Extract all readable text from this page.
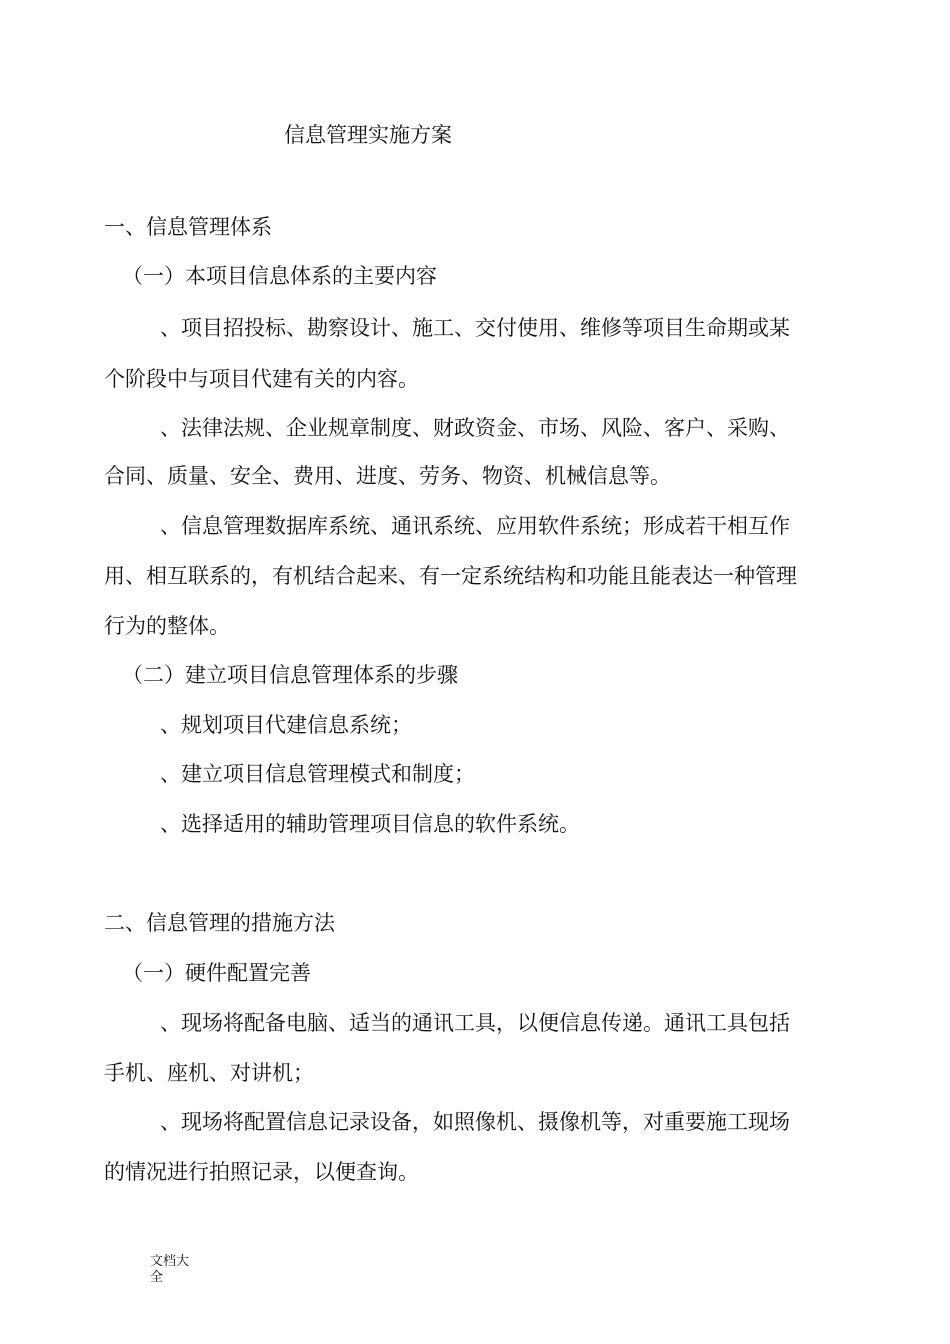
信息管理实施方案
一、信息管理体系
（一）本项目信息体系的主要内容
、项目招投标、勘察设计、施工、交付使用、维修等项目生命期或某
个阶段中与项目代建有关的内容。
、法律法规、企业规章制度、财政资金、市场、风险、客户、采购、
合同、质量、安全、费用、进度、劳务、物资、机械信息等。
、信息管理数据库系统、通讯系统、应用软件系统；形成若干相互作
用、相互联系的，有机结合起来、有一定系统结构和功能且能表达一种管理
行为的整体。
（二）建立项目信息管理体系的步骤
、规划项目代建信息系统；
、建立项目信息管理模式和制度；
、选择适用的辅助管理项目信息的软件系统。
二、信息管理的措施方法
（一）硬件配置完善
、现场将配备电脑、适当的通讯工具，以便信息传递。通讯工具包括
手机、座机、对讲机；
、现场将配置信息记录设备，如照像机、摄像机等，对重要施工现场
的情况进行拍照记录，以便查询。
文档大全
